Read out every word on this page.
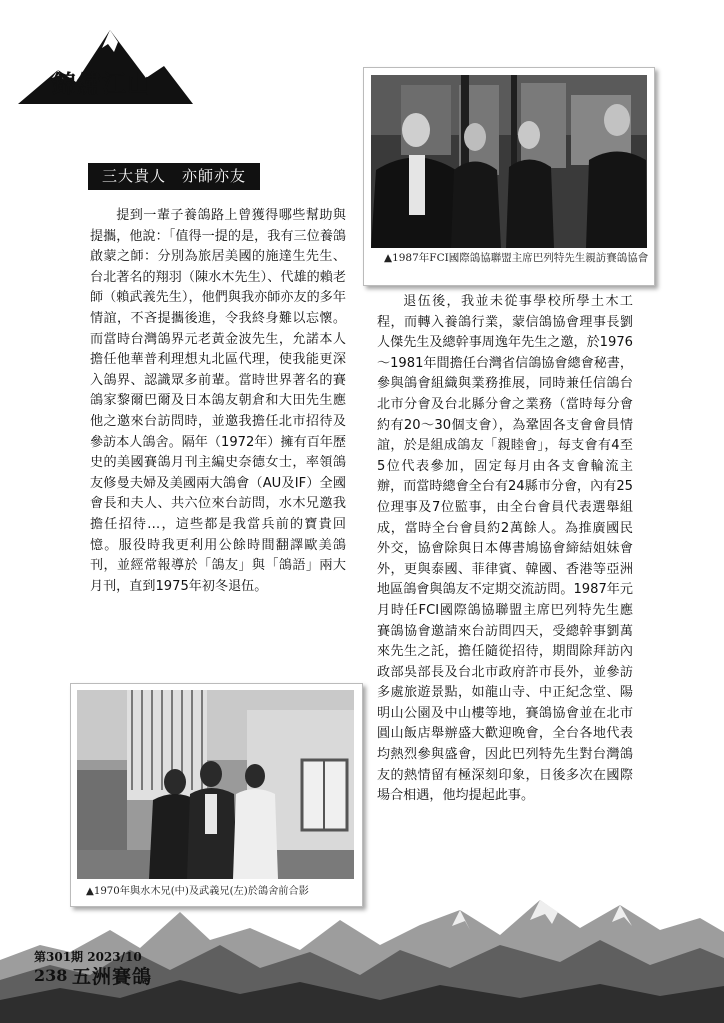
錦繡江山
三大貴人　亦師亦友

提到一輩子養鴿路上曾獲得哪些幫助與提攜，他說：「值得一提的是，我有三位養鴿啟蒙之師：分別為旅居美國的施達生先生、台北著名的翔羽（陳水木先生）、代雄的賴老師（賴武義先生），他們與我亦師亦友的多年情誼，不吝提攜後進，令我終身難以忘懷。而當時台灣鴿界元老黃金波先生，允諾本人擔任他華普利理想丸北區代理，使我能更深入鴿界、認識眾多前輩。當時世界著名的賽鴿家黎爾巴爾及日本鴿友朝倉和大田先生應他之邀來台訪問時，並邀我擔任北市招待及參訪本人鴿舍。隔年（1972年）擁有百年歷史的美國賽鴿月刊主編史奈德女士，率領鴿友修曼夫婦及美國兩大鴿會（AU及IF）全國會長和夫人、共六位來台訪問，水木兄邀我擔任招待…，這些都是我當兵前的寶貴回憶。服役時我更利用公餘時間翻譯歐美鴿刊，並經常報導於「鴿友」與「鴿語」兩大月刊，直到1975年初冬退伍。

▲1987年FCI國際鴿協聯盟主席巴列特先生親訪賽鴿協會

退伍後，我並未從事學校所學土木工程，而轉入養鴿行業，蒙信鴿協會理事長劉人傑先生及總幹事周逸年先生之邀，於1976～1981年間擔任台灣省信鴿協會總會秘書，參與鴿會組織與業務推展，同時兼任信鴿台北市分會及台北縣分會之業務（當時每分會約有20～30個支會），為鞏固各支會會員情誼，於是組成鴿友「親睦會」，每支會有4至5位代表參加，固定每月由各支會輪流主辦，而當時總會全台有24縣市分會，內有25位理事及7位監事，由全台會員代表選舉組成，當時全台會員約2萬餘人。為推廣國民外交，協會除與日本傳書鳩協會締結姐妹會外，更與泰國、菲律賓、韓國、香港等亞洲地區鴿會與鴿友不定期交流訪問。1987年元月時任FCI國際鴿協聯盟主席巴列特先生應賽鴿協會邀請來台訪問四天，受總幹事劉萬來先生之託，擔任隨從招待，期間除拜訪內政部吳部長及台北市政府許市長外，並參訪多處旅遊景點，如龍山寺、中正紀念堂、陽明山公園及中山樓等地，賽鴿協會並在北市圓山飯店舉辦盛大歡迎晚會，全台各地代表均熱烈參與盛會，因此巴列特先生對台灣鴿友的熱情留有極深刻印象，日後多次在國際場合相遇，他均提起此事。

▲1970年與水木兄(中)及武義兄(左)於鴿舍前合影
第301期 2023/10
238 五洲賽鴿
